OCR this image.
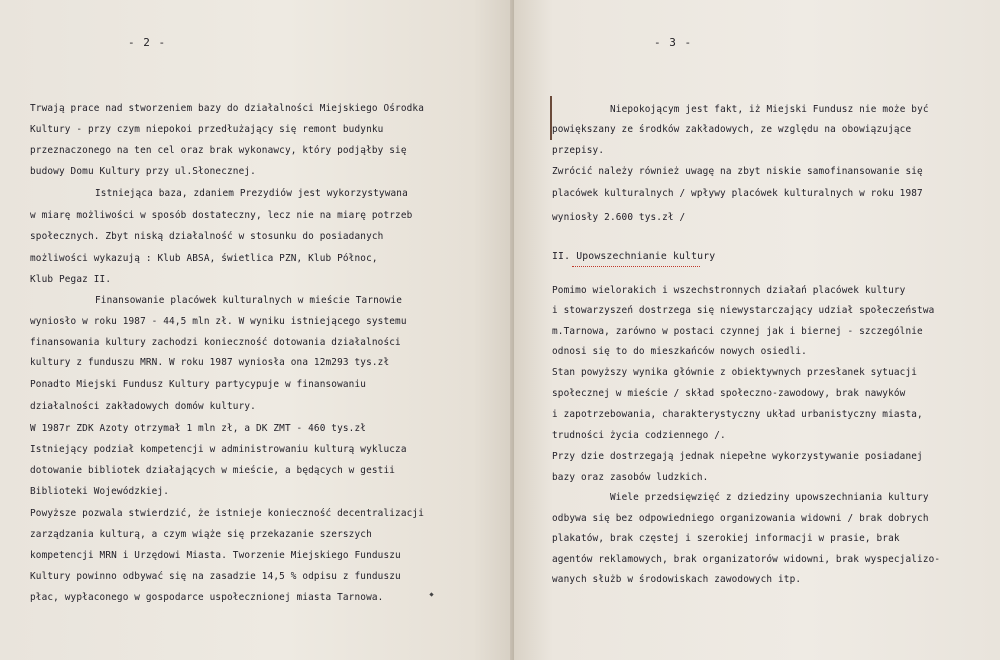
- 2 -
Trwają prace nad stworzeniem bazy do działalności Miejskiego Ośrodka
Kultury - przy czym niepokoi przedłużający się remont budynku
przeznaczonego na ten cel oraz brak wykonawcy, który podjąłby się
budowy Domu Kultury przy ul.Słonecznej.
Istniejąca baza, zdaniem Prezydiów jest wykorzystywana
w miarę możliwości w sposób dostateczny, lecz nie na miarę potrzeb
społecznych. Zbyt niską działalność w stosunku do posiadanych
możliwości wykazują : Klub ABSA, świetlica PZN, Klub Północ,
Klub Pegaz II.
Finansowanie placówek kulturalnych w mieście Tarnowie
wyniosło w roku 1987 - 44,5 mln zł. W wyniku istniejącego systemu
finansowania kultury zachodzi konieczność dotowania działalności
kultury z funduszu MRN. W roku 1987 wyniosła ona 12m293 tys.zł
Ponadto Miejski Fundusz Kultury partycypuje w finansowaniu
działalności zakładowych domów kultury.
W 1987r ZDK Azoty otrzymał 1 mln zł, a DK ZMT - 460 tys.zł
Istniejący podział kompetencji w administrowaniu kulturą wyklucza
dotowanie bibliotek działających w mieście, a będących w gestii
Biblioteki Wojewódzkiej.
Powyższe pozwala stwierdzić, że istnieje konieczność decentralizacji
zarządzania kulturą, a czym wiąże się przekazanie szerszych
kompetencji MRN i Urzędowi Miasta. Tworzenie Miejskiego Funduszu
Kultury powinno odbywać się na zasadzie 14,5 % odpisu z funduszu
płac, wypłaconego w gospodarce uspołecznionej miasta Tarnowa.
- 3 -
Niepokojącym jest fakt, iż Miejski Fundusz nie może być
powiększany ze środków zakładowych, ze względu na obowiązujące
przepisy.
Zwrócić należy również uwagę na zbyt niskie samofinansowanie się
placówek kulturalnych / wpływy placówek kulturalnych w roku 1987
wyniosły 2.600 tys.zł /
II. Upowszechnianie kultury
Pomimo wielorakich i wszechstronnych działań placówek kultury
i stowarzyszeń dostrzega się niewystarczający udział społeczeństwa
m.Tarnowa, zarówno w postaci czynnej jak i biernej - szczególnie
odnosi się to do mieszkańców nowych osiedli.
Stan powyższy wynika głównie z obiektywnych przesłanek sytuacji
społecznej w mieście / skład społeczno-zawodowy, brak nawyków
i zapotrzebowania, charakterystyczny układ urbanistyczny miasta,
trudności życia codziennego /.
Przy dzie dostrzegają jednak niepełne wykorzystywanie posiadanej
bazy oraz zasobów ludzkich.
Wiele przedsięwzięć z dziedziny upowszechniania kultury
odbywa się bez odpowiedniego organizowania widowni / brak dobrych
plakatów, brak częstej i szerokiej informacji w prasie, brak
agentów reklamowych, brak organizatorów widowni, brak wyspecjalizo-
wanych służb w środowiskach zawodowych itp.
